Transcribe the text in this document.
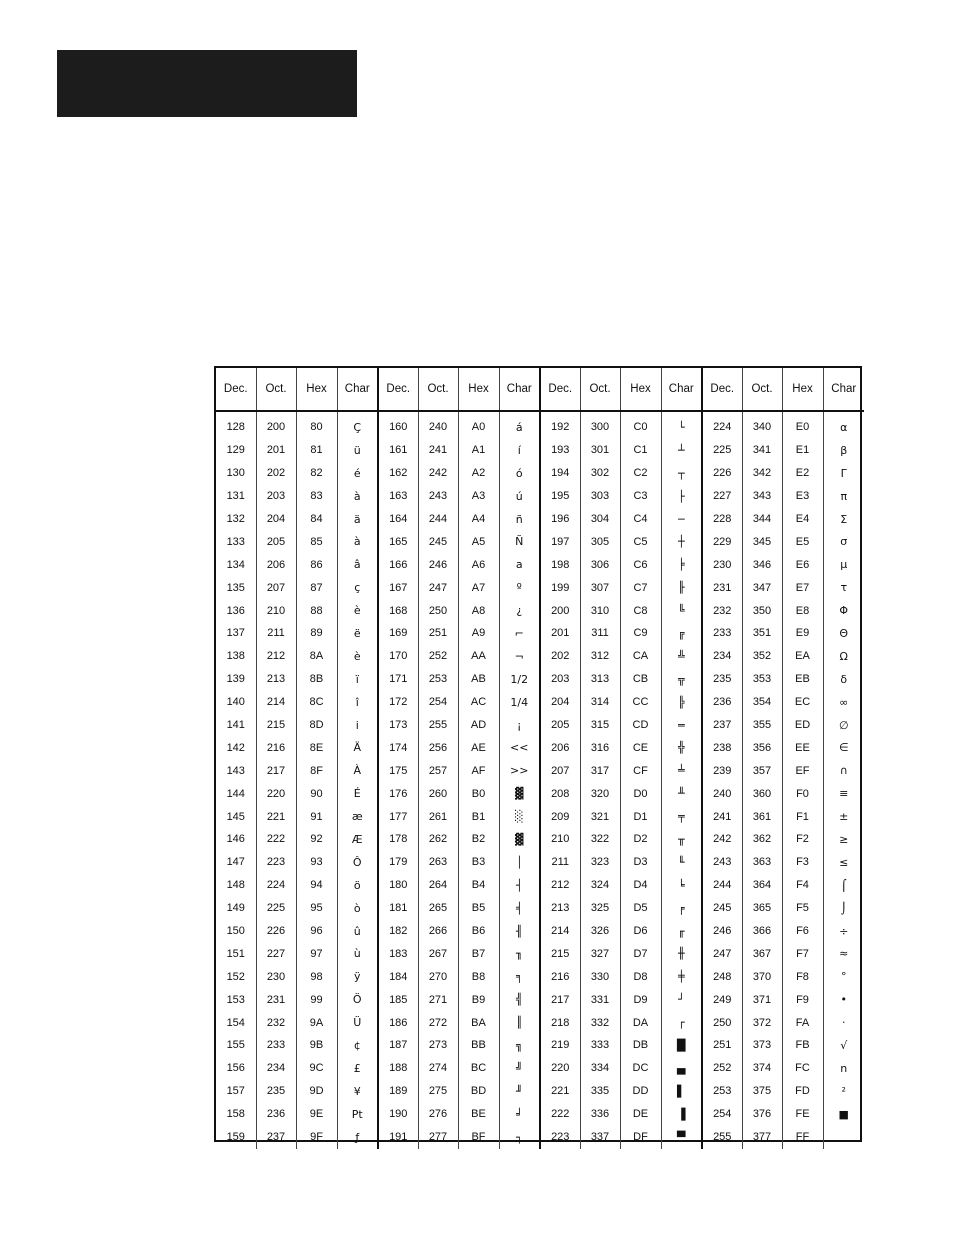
Dec.	Oct.	Hex	Char	Dec.	Oct.	Hex	Char	Dec.	Oct.	Hex	Char	Dec.	Oct.	Hex	Char
128	200	80	Ç	160	240	A0	á	192	300	C0	└	224	340	E0	α
129	201	81	ü	161	241	A1	í	193	301	C1	┴	225	341	E1	β
130	202	82	é	162	242	A2	ó	194	302	C2	┬	226	342	E2	Γ
131	203	83	à	163	243	A3	ú	195	303	C3	├	227	343	E3	π
132	204	84	ä	164	244	A4	ñ	196	304	C4	─	228	344	E4	Σ
133	205	85	à	165	245	A5	Ñ	197	305	C5	┼	229	345	E5	σ
134	206	86	â	166	246	A6	a	198	306	C6	╞	230	346	E6	μ
135	207	87	ç	167	247	A7	º	199	307	C7	╟	231	347	E7	τ
136	210	88	è	168	250	A8	¿	200	310	C8	╚	232	350	E8	Φ
137	211	89	ë	169	251	A9	⌐	201	311	C9	╔	233	351	E9	Θ
138	212	8A	è	170	252	AA	¬	202	312	CA	╩	234	352	EA	Ω
139	213	8B	ï	171	253	AB	1/2	203	313	CB	╦	235	353	EB	δ
140	214	8C	î	172	254	AC	1/4	204	314	CC	╠	236	354	EC	∞
141	215	8D	i	173	255	AD	¡	205	315	CD	═	237	355	ED	∅
142	216	8E	Ä	174	256	AE	<<	206	316	CE	╬	238	356	EE	∈
143	217	8F	À	175	257	AF	>>	207	317	CF	╧	239	357	EF	∩
144	220	90	É	176	260	B0	▓	208	320	D0	╨	240	360	F0	≡
145	221	91	æ	177	261	B1	░	209	321	D1	╤	241	361	F1	±
146	222	92	Æ	178	262	B2	▓	210	322	D2	╥	242	362	F2	≥
147	223	93	Ô	179	263	B3	│	211	323	D3	╙	243	363	F3	≤
148	224	94	ö	180	264	B4	┤	212	324	D4	╘	244	364	F4	⌠
149	225	95	ò	181	265	B5	╡	213	325	D5	╒	245	365	F5	⌡
150	226	96	û	182	266	B6	╢	214	326	D6	╓	246	366	F6	÷
151	227	97	ù	183	267	B7	╖	215	327	D7	╫	247	367	F7	≈
152	230	98	ÿ	184	270	B8	╕	216	330	D8	╪	248	370	F8	°
153	231	99	Ö	185	271	B9	╣	217	331	D9	┘	249	371	F9	•
154	232	9A	Ü	186	272	BA	║	218	332	DA	┌	250	372	FA	·
155	233	9B	¢	187	273	BB	╗	219	333	DB	█	251	373	FB	√
156	234	9C	£	188	274	BC	╝	220	334	DC	▄	252	374	FC	n
157	235	9D	¥	189	275	BD	╜	221	335	DD	▌	253	375	FD	²
158	236	9E	Pt	190	276	BE	╛	222	336	DE	▐	254	376	FE	■
159	237	9F	ƒ	191	277	BF	┐	223	337	DF	▀	255	377	FF	
